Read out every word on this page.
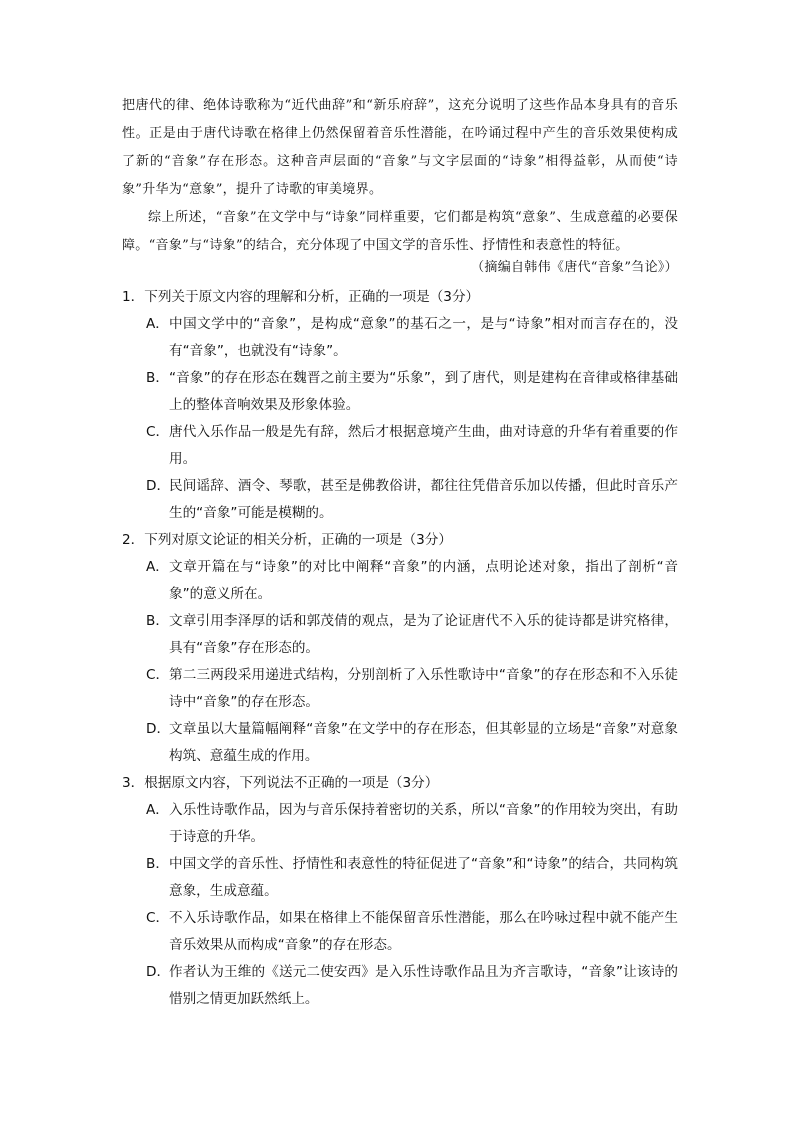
把唐代的律、绝体诗歌称为“近代曲辞”和“新乐府辞”，这充分说明了这些作品本身具有的音乐性。正是由于唐代诗歌在格律上仍然保留着音乐性潜能，在吟诵过程中产生的音乐效果使构成了新的“音象”存在形态。这种音声层面的“音象”与文字层面的“诗象”相得益彰，从而使“诗象”升华为“意象”，提升了诗歌的审美境界。

综上所述，“音象”在文学中与“诗象”同样重要，它们都是构筑“意象”、生成意蕴的必要保障。“音象”与“诗象”的结合，充分体现了中国文学的音乐性、抒情性和表意性的特征。

（摘编自韩伟《唐代“音象”刍论》）
1．下列关于原文内容的理解和分析，正确的一项是（3分）
A． 中国文学中的“音象”，是构成“意象”的基石之一，是与“诗象”相对而言存在的，没有“音象”，也就没有“诗象”。
B． “音象”的存在形态在魏晋之前主要为“乐象”，到了唐代，则是建构在音律或格律基础上的整体音响效果及形象体验。
C． 唐代入乐作品一般是先有辞，然后才根据意境产生曲，曲对诗意的升华有着重要的作用。
D．
民间谣辞、酒令、琴歌，甚至是佛教俗讲，都往往凭借音乐加以传播，但此时音乐产生的“音象”可能是模糊的。
2．下列对原文论证的相关分析，正确的一项是（3分）
A． 文章开篇在与“诗象”的对比中阐释“音象”的内涵，点明论述对象，指出了剖析“音象”的意义所在。
B． 文章引用李泽厚的话和郭茂倩的观点，是为了论证唐代不入乐的徒诗都是讲究格律，具有“音象”存在形态的。
C． 第二三两段采用递进式结构，分别剖析了入乐性歌诗中“音象”的存在形态和不入乐徒诗中“音象”的存在形态。
D．
文章虽以大量篇幅阐释“音象”在文学中的存在形态，但其彰显的立场是“音象”对意象构筑、意蕴生成的作用。
3．根据原文内容，下列说法不正确的一项是（3分）
A． 入乐性诗歌作品，因为与音乐保持着密切的关系，所以“音象”的作用较为突出，有助于诗意的升华。
B． 中国文学的音乐性、抒情性和表意性的特征促进了“音象”和“诗象”的结合，共同构筑意象，生成意蕴。
C． 不入乐诗歌作品，如果在格律上不能保留音乐性潜能，那么在吟咏过程中就不能产生音乐效果从而构成“音象”的存在形态。
D．
作者认为王维的《送元二使安西》是入乐性诗歌作品且为齐言歌诗，“音象”让该诗的惜别之情更加跃然纸上。
